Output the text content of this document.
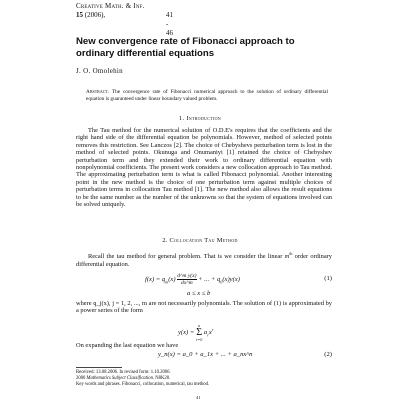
Creative Math. & Inf.
15 (2006),	41 - 46
New convergence rate of Fibonacci approach to
ordinary differential equations
J. O. Omolehin
Abstract. The convergence rate of Fibonacci numerical approach to the solution of ordinary differential equation is guaranteed under linear boundary valued problem.
1. Introduction
The Tau method for the numerical solution of O.D.E's requires that the coefficients and the right hand side of the differential equation be polynomials. However, method of selected points removes this restriction. See Lanczos [2]. The choice of Chebyshevs perturbation term is lost in the method of selected points. Okunuga and Onumaniyi [1] retained the choice of Chebyshev perturbation term and they extended their work to ordinary differential equation with nonpolynomial coefficients. The present work considers a new collocation approach to Tau method. The approximating perturbation term is what is called Fibonacci polynomial. Another interesting point in the new method is the choice of one perturbation term against multiple choices of perturbation terms in collocation Tau method [1]. The new method also allows the result equations to be the same number as the number of the unknowns so that the system of equations involved can be solved uniquely.
2. Collocation Tau Method
Recall the tau method for general problem. That is we consider the linear $m^{th}$ order ordinary differential equation.
$f(x) = q_m(x) \frac{\text{d\textasciicircum{}m y(x)}}{dx\^{}m}$ + ... + $q_0(x)y(x)$	(1)
a ≤ x ≤ b
where q_j(x), j = 1, 2, ..., m are not necessarily polynomials. The solution of (1) is approximated by a power series of the form
y(x) =
n
Σ
r=0
$a_rx^r$
On expanding the last equation we have
y_n(x) = a_0 + a_1x + ... + a_nx^n	(2)
Received: 13.08.2006. In revised form: 1.10.2006.
2000 Mathematics Subject Classification. N8K28.
Key words and phrases. Fibonacci, collocation, numerical, tau method.
41
